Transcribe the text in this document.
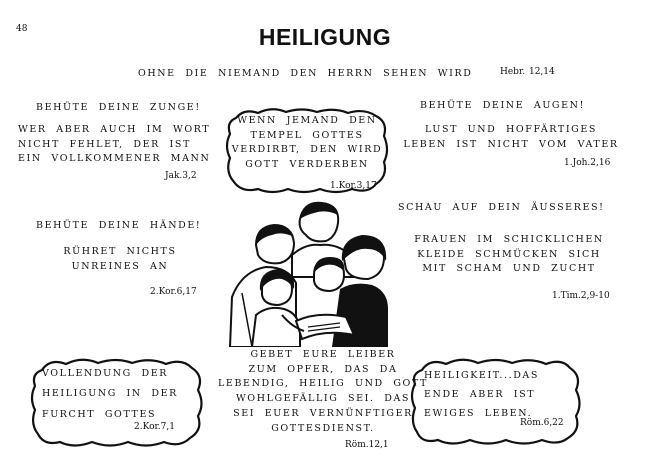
48	HEILIGUNG
OHNE DIE NIEMAND DEN HERRN SEHEN WIRD	Hebr. 12,14
BEHÜTE DEINE ZUNGE!
WER ABER AUCH IM WORT
NICHT FEHLET, DER IST
EIN VOLLKOMMENER MANN
Jak.3,2
WENN JEMAND DEN
TEMPEL GOTTES
VERDIRBT, DEN WIRD
GOTT VERDERBEN
1.Kor.3,17
BEHÜTE DEINE AUGEN!
LUST UND HOFFÄRTIGES
LEBEN IST NICHT VOM VATER
1.Joh.2,16
BEHÜTE DEINE HÄNDE!
RÜHRET NICHTS
UNREINES AN
2.Kor.6,17
SCHAU AUF DEIN ÄUSSERES!
FRAUEN IM SCHICKLICHEN
KLEIDE SCHMÜCKEN SICH
MIT SCHAM UND ZUCHT
1.Tim.2,9-10
GEBET EURE LEIBER
ZUM OPFER, DAS DA
LEBENDIG, HEILIG UND GOTT
WOHLGEFÄLLIG SEI. DAS
SEI EUER VERNÜNFTIGER
GOTTESDIENST.
Röm.12,1
VOLLENDUNG DER
HEILIGUNG IN DER
FURCHT GOTTES
2.Kor.7,1
HEILIGKEIT...DAS
ENDE ABER IST
EWIGES LEBEN.
Röm.6,22
